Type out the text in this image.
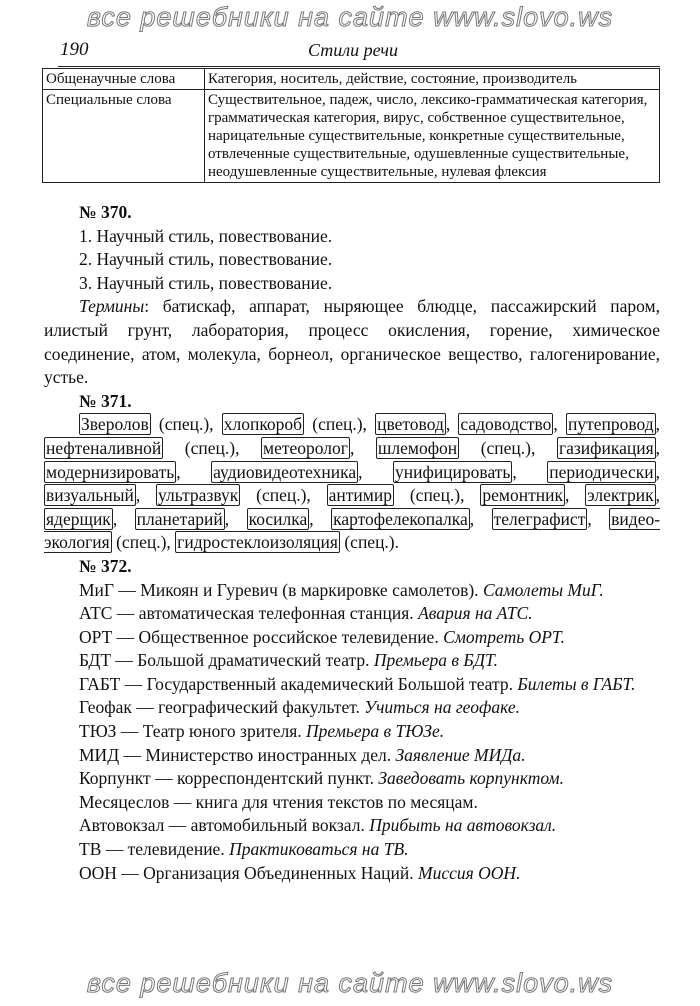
все решебники на сайте www.slovo.ws
190	Стили речи
Общенаучные слова	Категория, носитель, действие, состояние, производитель
Специальные слова	Существительное, падеж, число, лексико-грамматическая категория, грамматическая категория, вирус, собственное существительное, нарицательные существительные, конкретные существительные, отвлеченные существительные, одушевленные существительные, неодушевленные существительные, нулевая флексия

№ 370.

1. Научный стиль, повествование.

2. Научный стиль, повествование.

3. Научный стиль, повествование.

Термины: батискаф, аппарат, ныряющее блюдце, пассажирский паром, илистый грунт, лаборатория, процесс окисления, горение, химическое соединение, атом, молекула, борнеол, органическое вещество, галогенирование, устье.

№ 371.

Зверолов (спец.), хлопкороб (спец.), цветовод , садоводство , путепровод , нефтеналивной (спец.), метеоролог , шлемофон (спец.), газификация , модернизировать , аудиовидеотехника , унифицировать , периодически , визуальный , ультразвук (спец.), антимир (спец.), ремонтник , электрик , ядерщик , планетарий , косилка , картофелекопалка , телеграфист , видео-экология (спец.), гидростеклоизоляция (спец.).

№ 372.

МиГ — Микоян и Гуревич (в маркировке самолетов). Самолеты МиГ.

АТС — автоматическая телефонная станция. Авария на АТС.

ОРТ — Общественное российское телевидение. Смотреть ОРТ.

БДТ — Большой драматический театр. Премьера в БДТ.

ГАБТ — Государственный академический Большой театр. Билеты в ГАБТ.

Геофак — географический факультет. Учиться на геофаке.

ТЮЗ — Театр юного зрителя. Премьера в ТЮЗе.

МИД — Министерство иностранных дел. Заявление МИДа.

Корпункт — корреспондентский пункт. Заведовать корпунктом.

Месяцеслов — книга для чтения текстов по месяцам.

Автовокзал — автомобильный вокзал. Прибыть на автовокзал.

ТВ — телевидение. Практиковаться на ТВ.

ООН — Организация Объединенных Наций. Миссия ООН.

все решебники на сайте www.slovo.ws
